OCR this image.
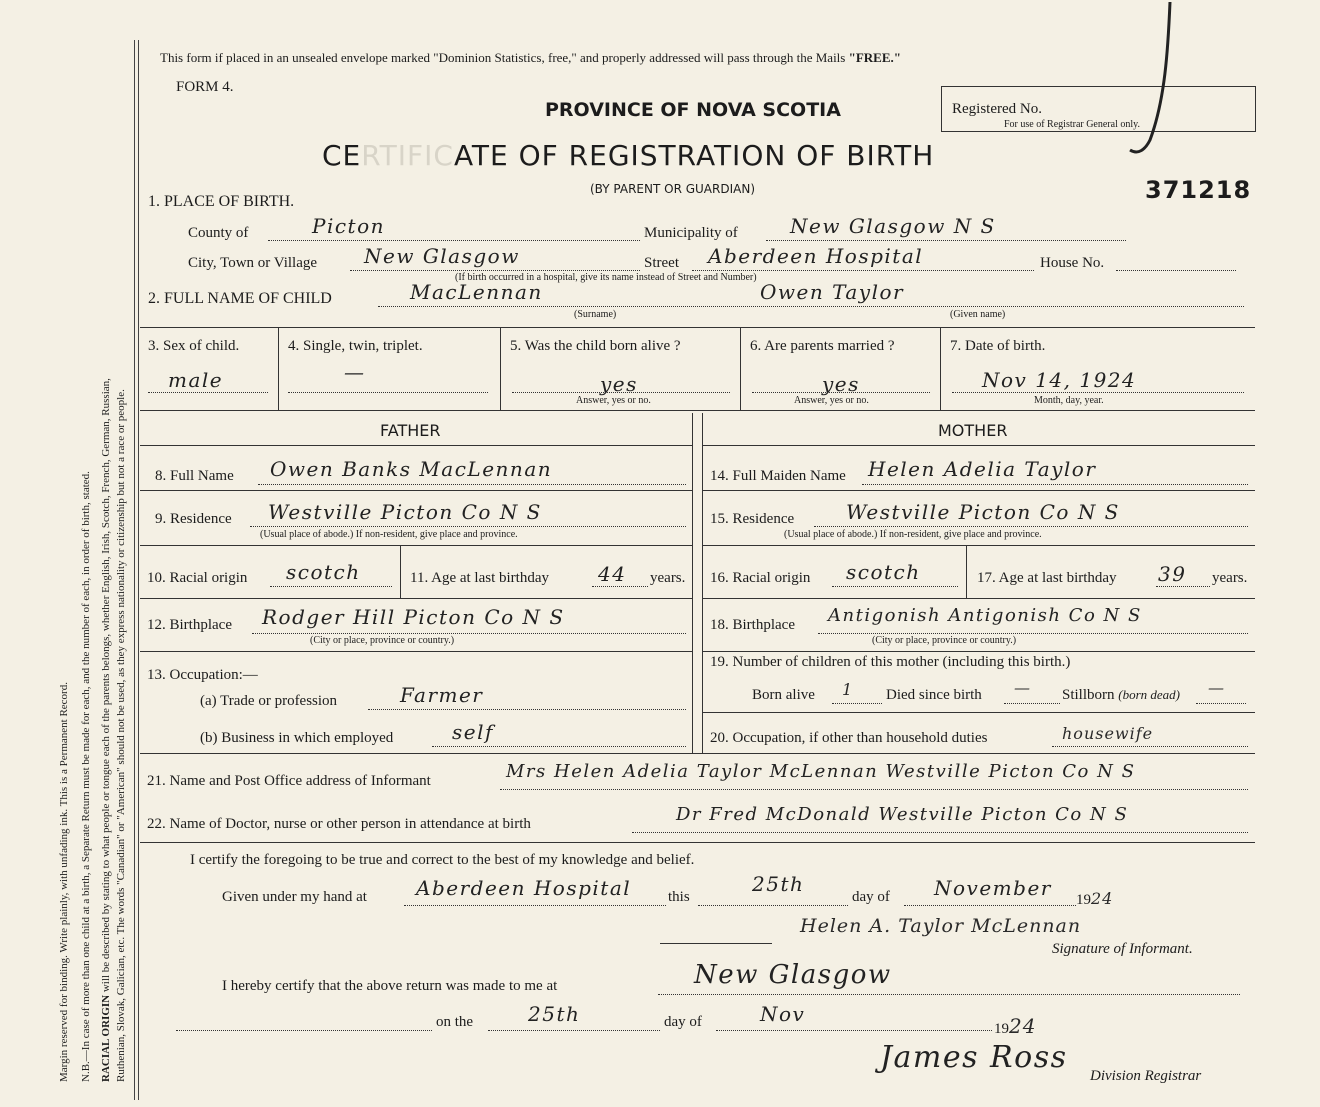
Margin reserved for binding. Write plainly, with unfading ink. This is a Permanent Record. N.B.—In case of more than one child at a birth, a Separate Return must be made for each, and the number of each, in order of birth, stated. RACIAL ORIGIN will be described by stating to what people or tongue each of the parents belongs, whether English, Irish, Scotch, French, German, Russian, Ruthenian, Slovak, Galician, etc. The words "Canadian" or "American" should not be used, as they express nationality or citizenship but not a race or people.
This form if placed in an unsealed envelope marked "Dominion Statistics, free," and properly addressed will pass through the Mails "FREE."
FORM 4.
PROVINCE OF NOVA SCOTIA
CERTIFICATE OF REGISTRATION OF BIRTH
(BY PARENT OR GUARDIAN)
Registered No.
For use of Registrar General only.
371218
1. PLACE OF BIRTH.
County of	Picton	Municipality of	New Glasgow N S
City, Town or Village New Glasgow	Street Aberdeen Hospital	House No.
(If birth occurred in a hospital, give its name instead of Street and Number)
2. FULL NAME OF CHILD	MacLennan	Owen Taylor
(Surname)	(Given name)
3. Sex of child.
male
4. Single, twin, triplet.
—
5. Was the child born alive ?
yes
Answer, yes or no.
6. Are parents married ?
yes
Answer, yes or no.
7. Date of birth.
Nov 14, 1924
Month, day, year.
FATHER	MOTHER
8. Full Name Owen Banks MacLennan
9. Residence Westville Picton Co N S
(Usual place of abode.) If non-resident, give place and province.
10. Racial origin scotch	11. Age at last birthday 44 years.
12. Birthplace Rodger Hill Picton Co N S
(City or place, province or country.)
13. Occupation:—
(a) Trade or profession	Farmer
(b) Business in which employed	self
14. Full Maiden Name Helen Adelia Taylor
15. Residence	Westville Picton Co N S
(Usual place of abode.) If non-resident, give place and province.
16. Racial origin scotch	17. Age at last birthday 39 years.
18. Birthplace Antigonish Antigonish Co N S
(City or place, province or country.)
19. Number of children of this mother (including this birth.)
Born alive 1 Died since birth — Stillborn (born dead) —
20. Occupation, if other than household duties	housewife
21. Name and Post Office address of Informant	Mrs Helen Adelia Taylor McLennan Westville Picton Co N S
22. Name of Doctor, nurse or other person in attendance at birth	Dr Fred McDonald Westville Picton Co N S
I certify the foregoing to be true and correct to the best of my knowledge and belief.
Given under my hand at Aberdeen Hospital this
25th
day of November 1924
Helen A. Taylor McLennan
Signature of Informant.
I hereby certify that the above return was made to me at	New Glasgow
on the	25th	day of	Nov
1924
James Ross
Division Registrar
